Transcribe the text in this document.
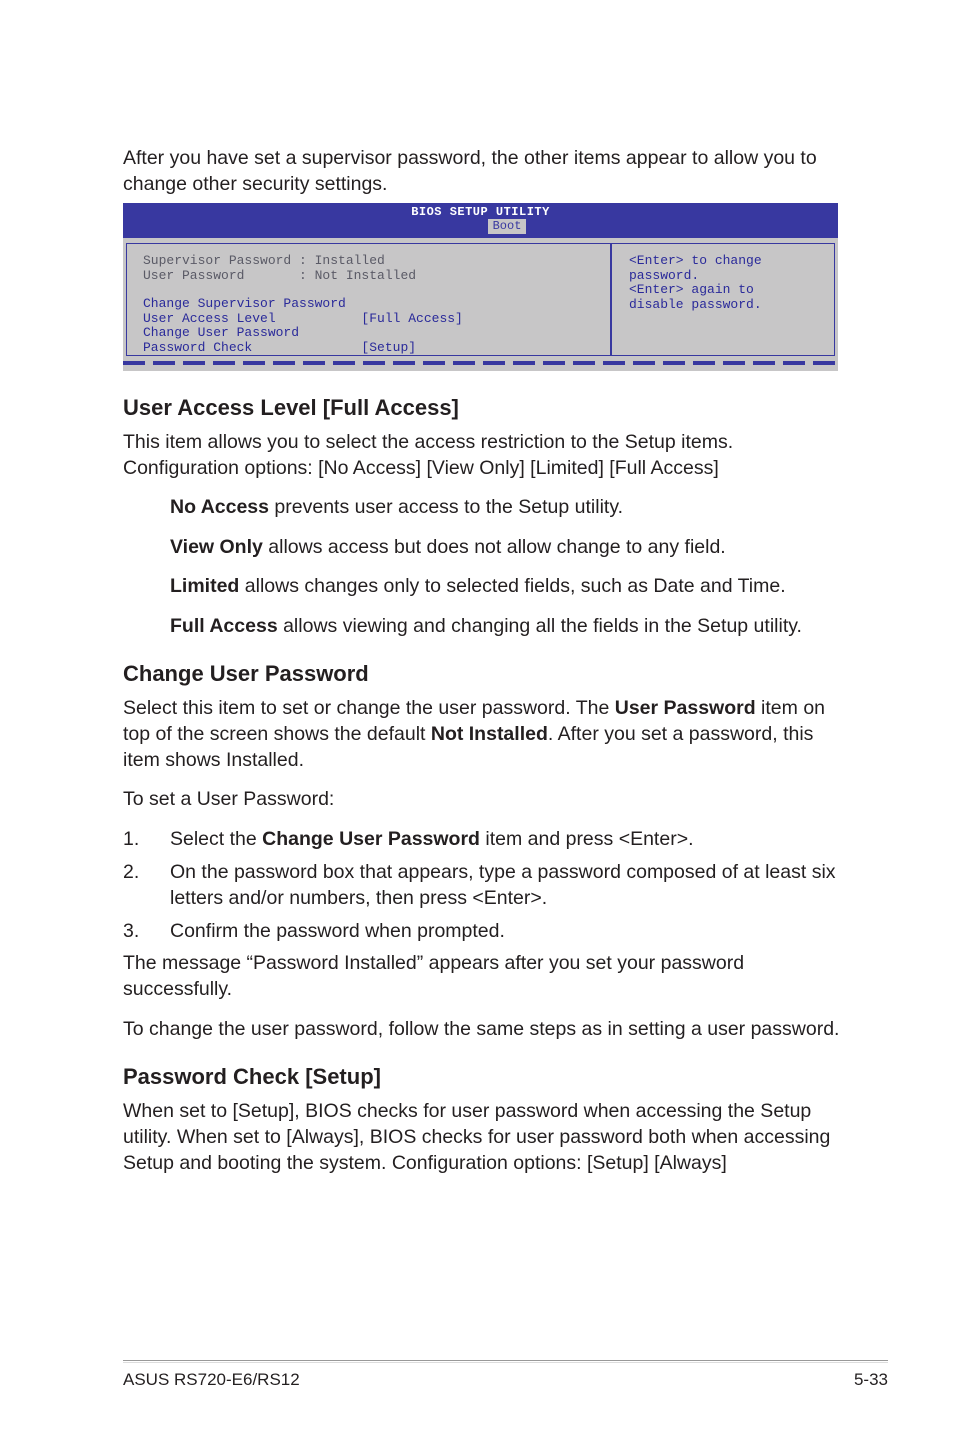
After you have set a supervisor password, the other items appear to allow you to change other security settings.

BIOS SETUP UTILITY
Boot
Supervisor Password : Installed
User Password       : Not Installed
Change Supervisor Password
User Access Level           [Full Access]
Change User Password
Password Check              [Setup]
<Enter> to change
password.
<Enter> again to
disable password.
User Access Level [Full Access]

This item allows you to select the access restriction to the Setup items.

Configuration options: [No Access] [View Only] [Limited] [Full Access]

No Access prevents user access to the Setup utility.

View Only allows access but does not allow change to any field.

Limited allows changes only to selected fields, such as Date and Time.

Full Access allows viewing and changing all the fields in the Setup utility.

Change User Password

Select this item to set or change the user password. The User Password item on top of the screen shows the default Not Installed. After you set a password, this item shows Installed.

To set a User Password:

1. Select the Change User Password item and press <Enter>.

2. On the password box that appears, type a password composed of at least six letters and/or numbers, then press <Enter>.

3. Confirm the password when prompted.

The message “Password Installed” appears after you set your password successfully.

To change the user password, follow the same steps as in setting a user password.

Password Check [Setup]

When set to [Setup], BIOS checks for user password when accessing the Setup utility. When set to [Always], BIOS checks for user password both when accessing Setup and booting the system. Configuration options: [Setup] [Always]

ASUS RS720-E6/RS12	5-33
